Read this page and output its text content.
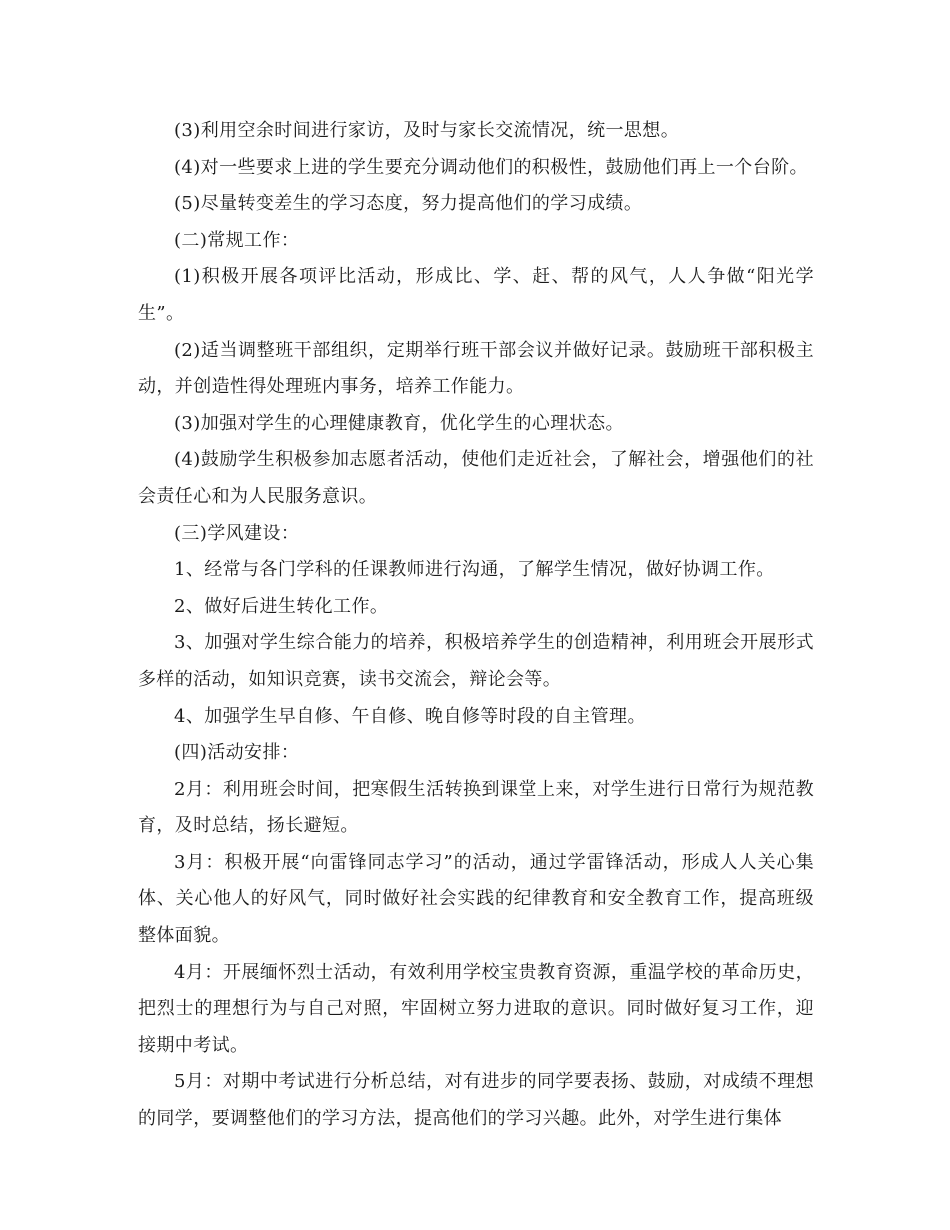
(3)利用空余时间进行家访，及时与家长交流情况，统一思想。

(4)对一些要求上进的学生要充分调动他们的积极性，鼓励他们再上一个台阶。

(5)尽量转变差生的学习态度，努力提高他们的学习成绩。

(二)常规工作：

(1)积极开展各项评比活动，形成比、学、赶、帮的风气，人人争做“阳光学生”。

(2)适当调整班干部组织，定期举行班干部会议并做好记录。鼓励班干部积极主动，并创造性得处理班内事务，培养工作能力。

(3)加强对学生的心理健康教育，优化学生的心理状态。

(4)鼓励学生积极参加志愿者活动，使他们走近社会，了解社会，增强他们的社会责任心和为人民服务意识。

(三)学风建设：

1、经常与各门学科的任课教师进行沟通，了解学生情况，做好协调工作。

2、做好后进生转化工作。

3、加强对学生综合能力的培养，积极培养学生的创造精神，利用班会开展形式多样的活动，如知识竞赛，读书交流会，辩论会等。

4、加强学生早自修、午自修、晚自修等时段的自主管理。

(四)活动安排：

2月：利用班会时间，把寒假生活转换到课堂上来，对学生进行日常行为规范教育，及时总结，扬长避短。

3月：积极开展“向雷锋同志学习”的活动，通过学雷锋活动，形成人人关心集体、关心他人的好风气，同时做好社会实践的纪律教育和安全教育工作，提高班级整体面貌。

4月：开展缅怀烈士活动，有效利用学校宝贵教育资源，重温学校的革命历史，把烈士的理想行为与自己对照，牢固树立努力进取的意识。同时做好复习工作，迎接期中考试。

5月：对期中考试进行分析总结，对有进步的同学要表扬、鼓励，对成绩不理想的同学，要调整他们的学习方法，提高他们的学习兴趣。此外，对学生进行集体
